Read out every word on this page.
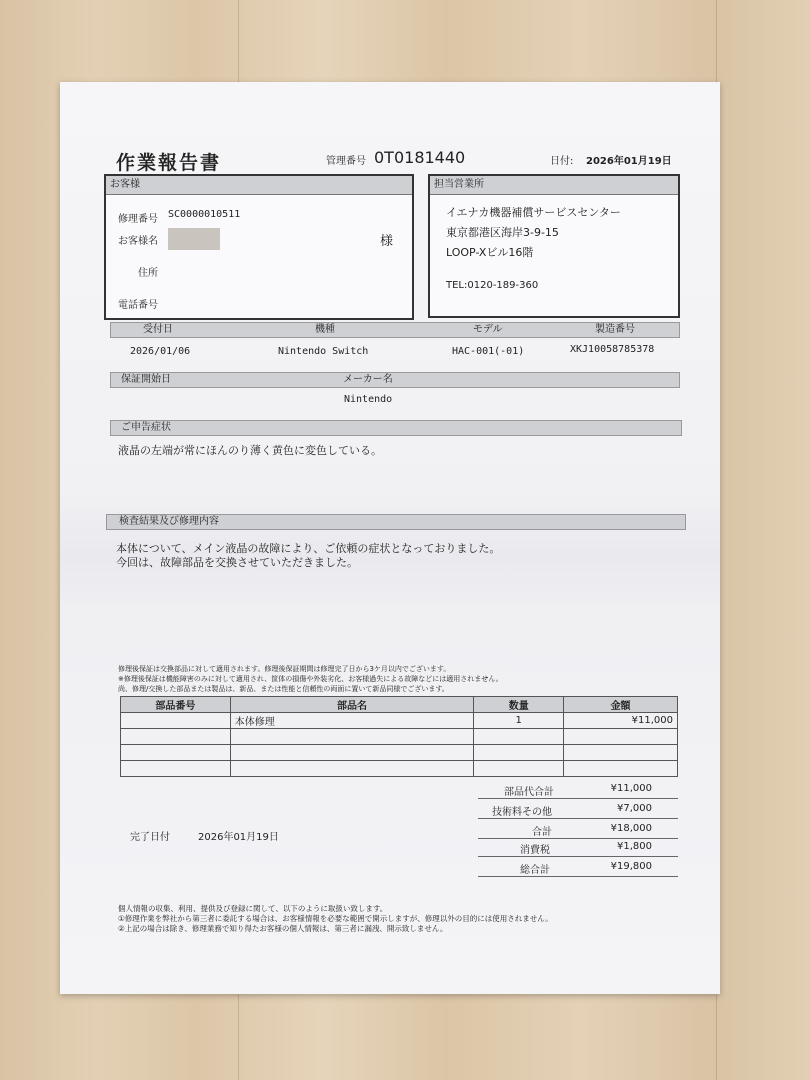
作業報告書	管理番号 0T0181440	日付: 2026年01月19日
お客様
修理番号 SC0000010511
お客様名	様
住所
電話番号
担当営業所
イエナカ機器補償サービスセンター
東京都港区海岸3-9-15
LOOP-Xビル16階
TEL:0120-189-360
受付日	機種	モデル	製造番号
2026/01/06	Nintendo Switch	HAC-001(-01)	XKJ10058785378
保証開始日	メーカー名
Nintendo
ご申告症状
液晶の左端が常にほんのり薄く黄色に変色している。
検査結果及び修理内容
本体について、メイン液晶の故障により、ご依頼の症状となっておりました。
今回は、故障部品を交換させていただきました。
修理後保証は交換部品に対して適用されます。修理後保証期間は修理完了日から3ケ月以内でございます。
※修理後保証は機能障害のみに対して適用され、筐体の損傷や外装劣化、お客様過失による故障などには適用されません。
尚、修理/交換した部品または製品は、新品、または性能と信頼性の両面に置いて新品同様でございます。
部品番号	部品名	数量	金額
	本体修理	1	¥11,000

部品代合計	¥11,000
技術料その他	¥7,000
合計	¥18,000
消費税	¥1,800
総合計	¥19,800
完了日付	2026年01月19日
個人情報の収集、利用、提供及び登録に関して、以下のように取扱い致します。
①修理作業を弊社から第三者に委託する場合は、お客様情報を必要な範囲で開示しますが、修理以外の目的には使用されません。
②上記の場合は除き、修理業務で知り得たお客様の個人情報は、第三者に漏洩、開示致しません。
